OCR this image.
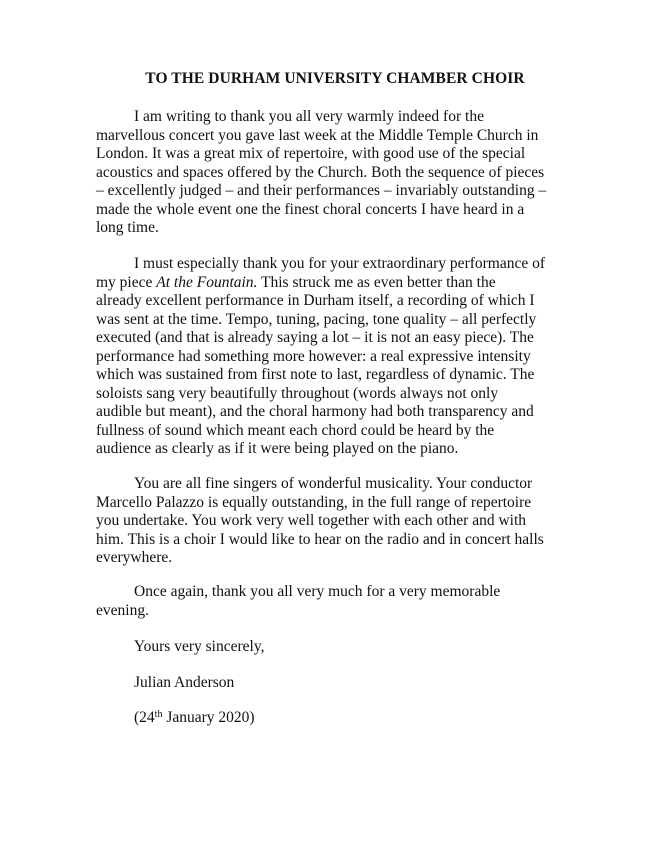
TO THE DURHAM UNIVERSITY CHAMBER CHOIR

I am writing to thank you all very warmly indeed for the
marvellous concert you gave last week at the Middle Temple Church in
London. It was a great mix of repertoire, with good use of the special
acoustics and spaces offered by the Church. Both the sequence of pieces
– excellently judged – and their performances – invariably outstanding –
made the whole event one the finest choral concerts I have heard in a
long time.

I must especially thank you for your extraordinary performance of
my piece At the Fountain. This struck me as even better than the
already excellent performance in Durham itself, a recording of which I
was sent at the time. Tempo, tuning, pacing, tone quality – all perfectly
executed (and that is already saying a lot – it is not an easy piece). The
performance had something more however: a real expressive intensity
which was sustained from first note to last, regardless of dynamic. The
soloists sang very beautifully throughout (words always not only
audible but meant), and the choral harmony had both transparency and
fullness of sound which meant each chord could be heard by the
audience as clearly as if it were being played on the piano.

You are all fine singers of wonderful musicality. Your conductor
Marcello Palazzo is equally outstanding, in the full range of repertoire
you undertake. You work very well together with each other and with
him. This is a choir I would like to hear on the radio and in concert halls
everywhere.

Once again, thank you all very much for a very memorable
evening.

Yours very sincerely,
Julian Anderson
(24th January 2020)
